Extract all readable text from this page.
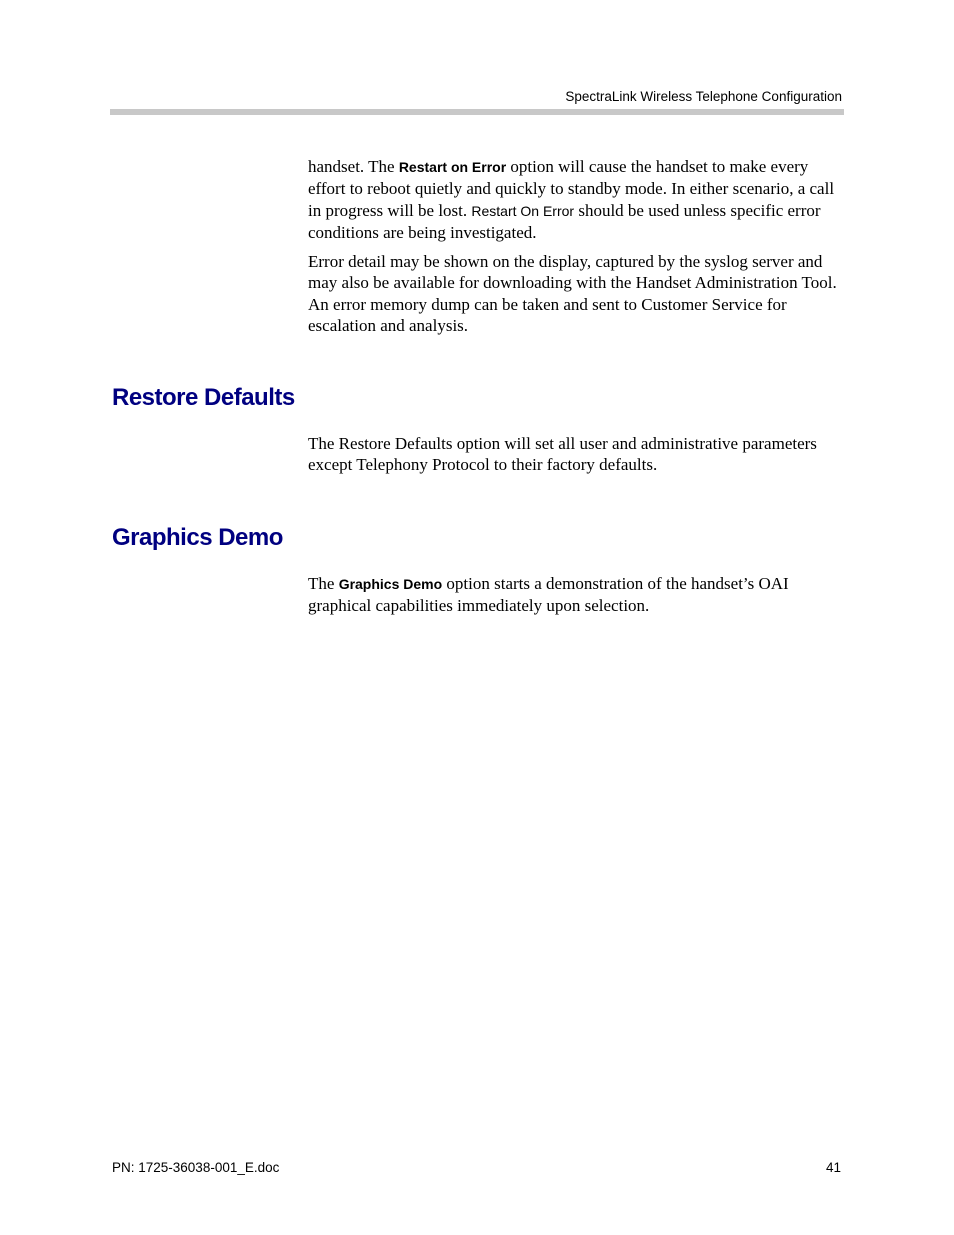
SpectraLink Wireless Telephone Configuration

handset. The Restart on Error option will cause the handset to make every effort to reboot quietly and quickly to standby mode. In either scenario, a call in progress will be lost. Restart On Error should be used unless specific error conditions are being investigated.

Error detail may be shown on the display, captured by the syslog server and may also be available for downloading with the Handset Administration Tool. An error memory dump can be taken and sent to Customer Service for escalation and analysis.

Restore Defaults

The Restore Defaults option will set all user and administrative parameters except Telephony Protocol to their factory defaults.

Graphics Demo

The Graphics Demo option starts a demonstration of the handset’s OAI graphical capabilities immediately upon selection.

PN: 1725-36038-001_E.doc	41
